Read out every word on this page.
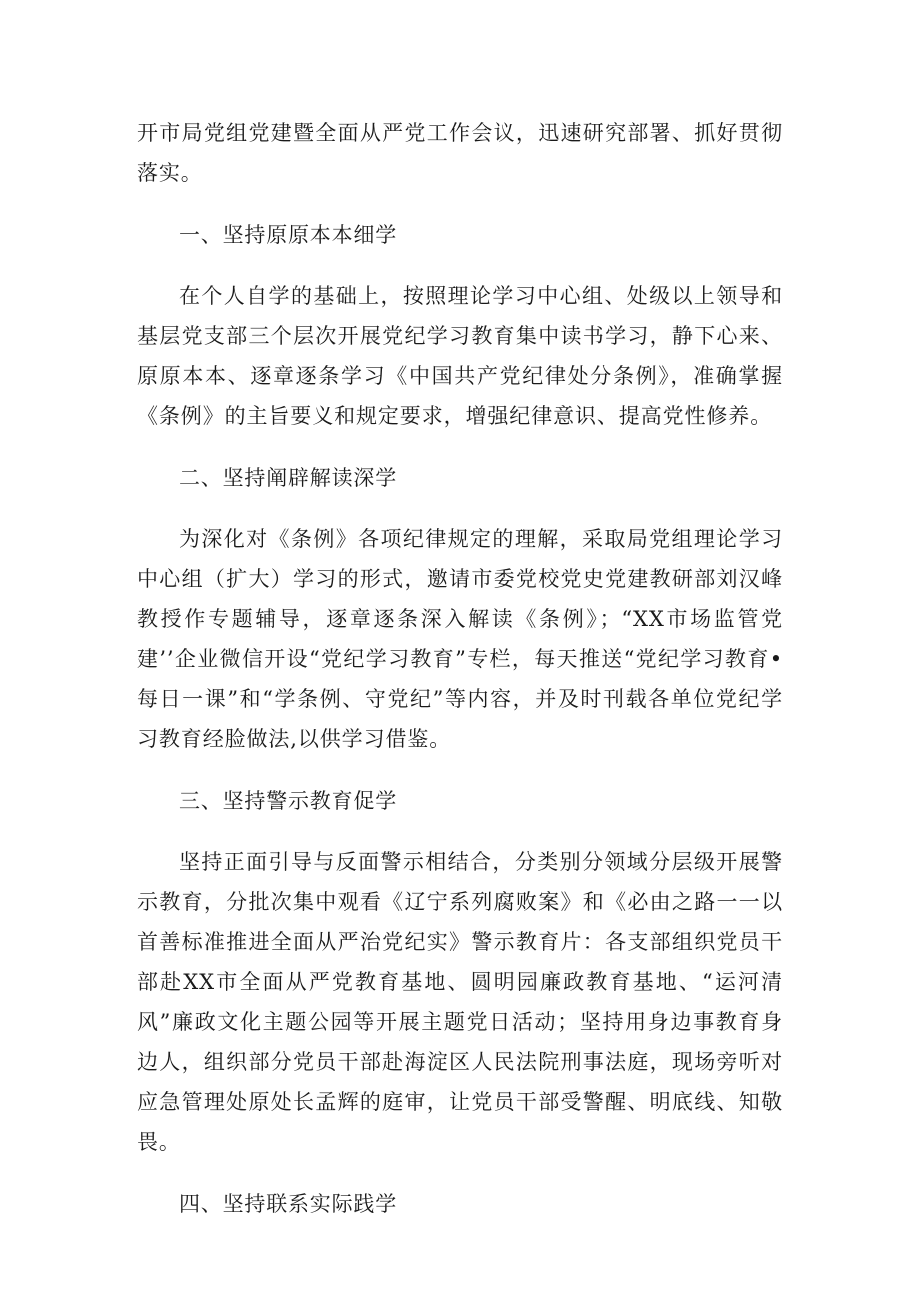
开市局党组党建暨全面从严党工作会议，迅速研究部署、抓好贯彻落实。

一、坚持原原本本细学

在个人自学的基础上，按照理论学习中心组、处级以上领导和基层党支部三个层次开展党纪学习教育集中读书学习，静下心来、原原本本、逐章逐条学习《中国共产党纪律处分条例》，准确掌握《条例》的主旨要义和规定要求，增强纪律意识、提高党性修养。

二、坚持阐辟解读深学

为深化对《条例》各项纪律规定的理解，采取局党组理论学习中心组（扩大）学习的形式，邀请市委党校党史党建教研部刘汉峰教授作专题辅导，逐章逐条深入解读《条例》；“XX市场监管党建’’企业微信开设“党纪学习教育”专栏，每天推送“党纪学习教育•每日一课”和“学条例、守党纪”等内容，并及时刊载各单位党纪学习教育经脸做法,以供学习借鉴。

三、坚持警示教育促学

坚持正面引导与反面警示相结合，分类别分领域分层级开展警示教育，分批次集中观看《辽宁系列腐败案》和《必由之路一一以首善标准推进全面从严治党纪实》警示教育片：各支部组织党员干部赴XX市全面从严党教育基地、圆明园廉政教育基地、“运河清风”廉政文化主题公园等开展主题党日活动；坚持用身边事教育身边人，组织部分党员干部赴海淀区人民法院刑事法庭，现场旁听对应急管理处原处长孟辉的庭审，让党员干部受警醒、明底线、知敬畏。

四、坚持联系实际践学
